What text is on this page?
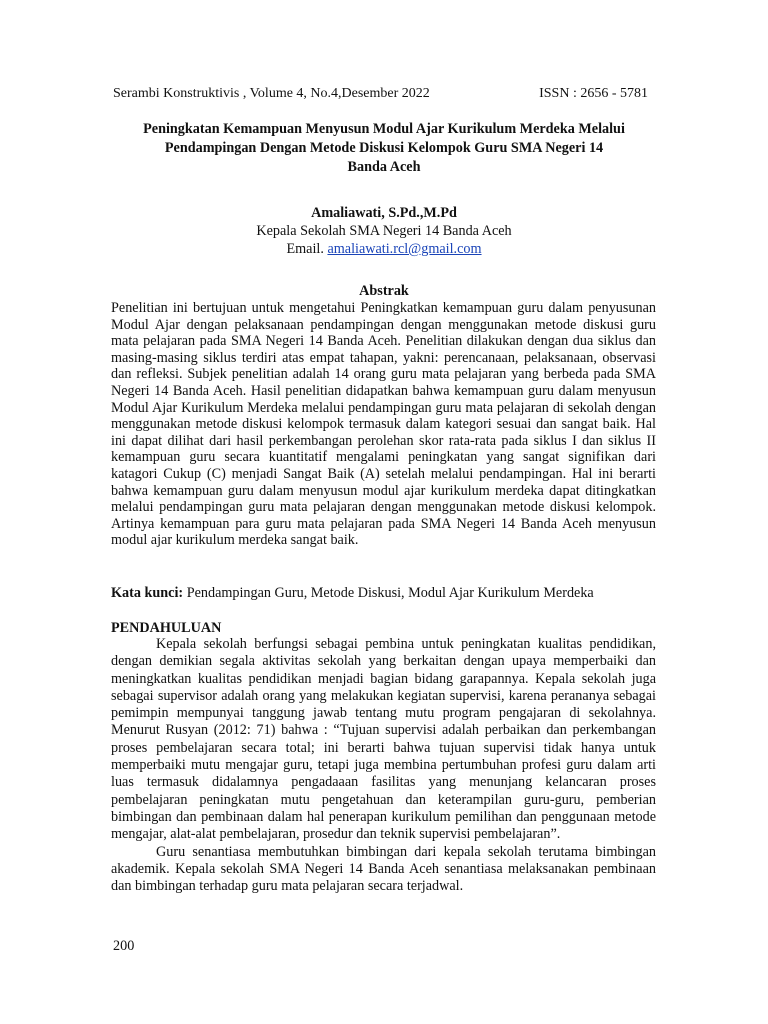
Serambi Konstruktivis , Volume 4, No.4,Desember 2022	ISSN : 2656 - 5781
Peningkatan Kemampuan Menyusun Modul Ajar Kurikulum Merdeka Melalui
Pendampingan Dengan Metode Diskusi Kelompok Guru SMA Negeri 14
Banda Aceh
Amaliawati, S.Pd.,M.Pd
Kepala Sekolah SMA Negeri 14 Banda Aceh
Email. amaliawati.rcl@gmail.com
Abstrak
Penelitian ini bertujuan untuk mengetahui Peningkatkan kemampuan guru dalam penyusunan Modul Ajar dengan pelaksanaan pendampingan dengan menggunakan metode diskusi guru mata pelajaran pada SMA Negeri 14 Banda Aceh. Penelitian dilakukan dengan dua siklus dan masing-masing siklus terdiri atas empat tahapan, yakni: perencanaan, pelaksanaan, observasi dan refleksi. Subjek penelitian adalah 14 orang guru mata pelajaran yang berbeda pada SMA Negeri 14 Banda Aceh. Hasil penelitian didapatkan bahwa kemampuan guru dalam menyusun Modul Ajar Kurikulum Merdeka melalui pendampingan guru mata pelajaran di sekolah dengan menggunakan metode diskusi kelompok termasuk dalam kategori sesuai dan sangat baik. Hal ini dapat dilihat dari hasil perkembangan perolehan skor rata-rata pada siklus I dan siklus II kemampuan guru secara kuantitatif mengalami peningkatan yang sangat signifikan dari katagori Cukup (C) menjadi Sangat Baik (A) setelah melalui pendampingan. Hal ini berarti bahwa kemampuan guru dalam menyusun modul ajar kurikulum merdeka dapat ditingkatkan melalui pendampingan guru mata pelajaran dengan menggunakan metode diskusi kelompok. Artinya kemampuan para guru mata pelajaran pada SMA Negeri 14 Banda Aceh menyusun modul ajar kurikulum merdeka sangat baik.
Kata kunci: Pendampingan Guru, Metode Diskusi, Modul Ajar Kurikulum Merdeka
PENDAHULUAN

Kepala sekolah berfungsi sebagai pembina untuk peningkatan kualitas pendidikan, dengan demikian segala aktivitas sekolah yang berkaitan dengan upaya memperbaiki dan meningkatkan kualitas pendidikan menjadi bagian bidang garapannya. Kepala sekolah juga sebagai supervisor adalah orang yang melakukan kegiatan supervisi, karena perananya sebagai pemimpin mempunyai tanggung jawab tentang mutu program pengajaran di sekolahnya. Menurut Rusyan (2012: 71) bahwa : “Tujuan supervisi adalah perbaikan dan perkembangan proses pembelajaran secara total; ini berarti bahwa tujuan supervisi tidak hanya untuk memperbaiki mutu mengajar guru, tetapi juga membina pertumbuhan profesi guru dalam arti luas termasuk didalamnya pengadaaan fasilitas yang menunjang kelancaran proses pembelajaran peningkatan mutu pengetahuan dan keterampilan guru-guru, pemberian bimbingan dan pembinaan dalam hal penerapan kurikulum pemilihan dan penggunaan metode mengajar, alat-alat pembelajaran, prosedur dan teknik supervisi pembelajaran”.

Guru senantiasa membutuhkan bimbingan dari kepala sekolah terutama bimbingan akademik. Kepala sekolah SMA Negeri 14 Banda Aceh senantiasa melaksanakan pembinaan dan bimbingan terhadap guru mata pelajaran secara terjadwal.

200
